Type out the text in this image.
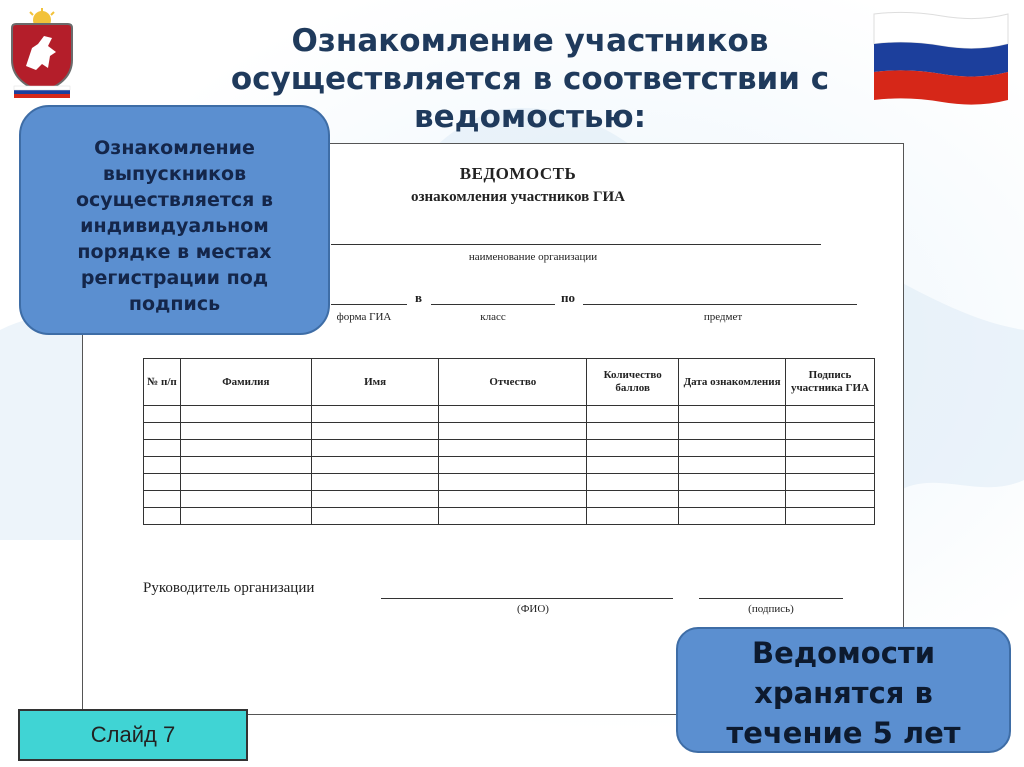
Ознакомление участников
осуществляется в соответствии с
ведомостью:
ВЕДОМОСТЬ
ознакомления участников ГИА
наименование организации
в	по
форма ГИА	класс	предмет
№ п/п	Фамилия	Имя	Отчество	Количество баллов	Дата ознакомления	Подпись участника ГИА

Руководитель организации
(ФИО)	(подпись)
Ознакомление
выпускников
осуществляется в
индивидуальном
порядке в местах
регистрации под
подпись
Ведомости
хранятся в
течение 5 лет
Слайд 7
